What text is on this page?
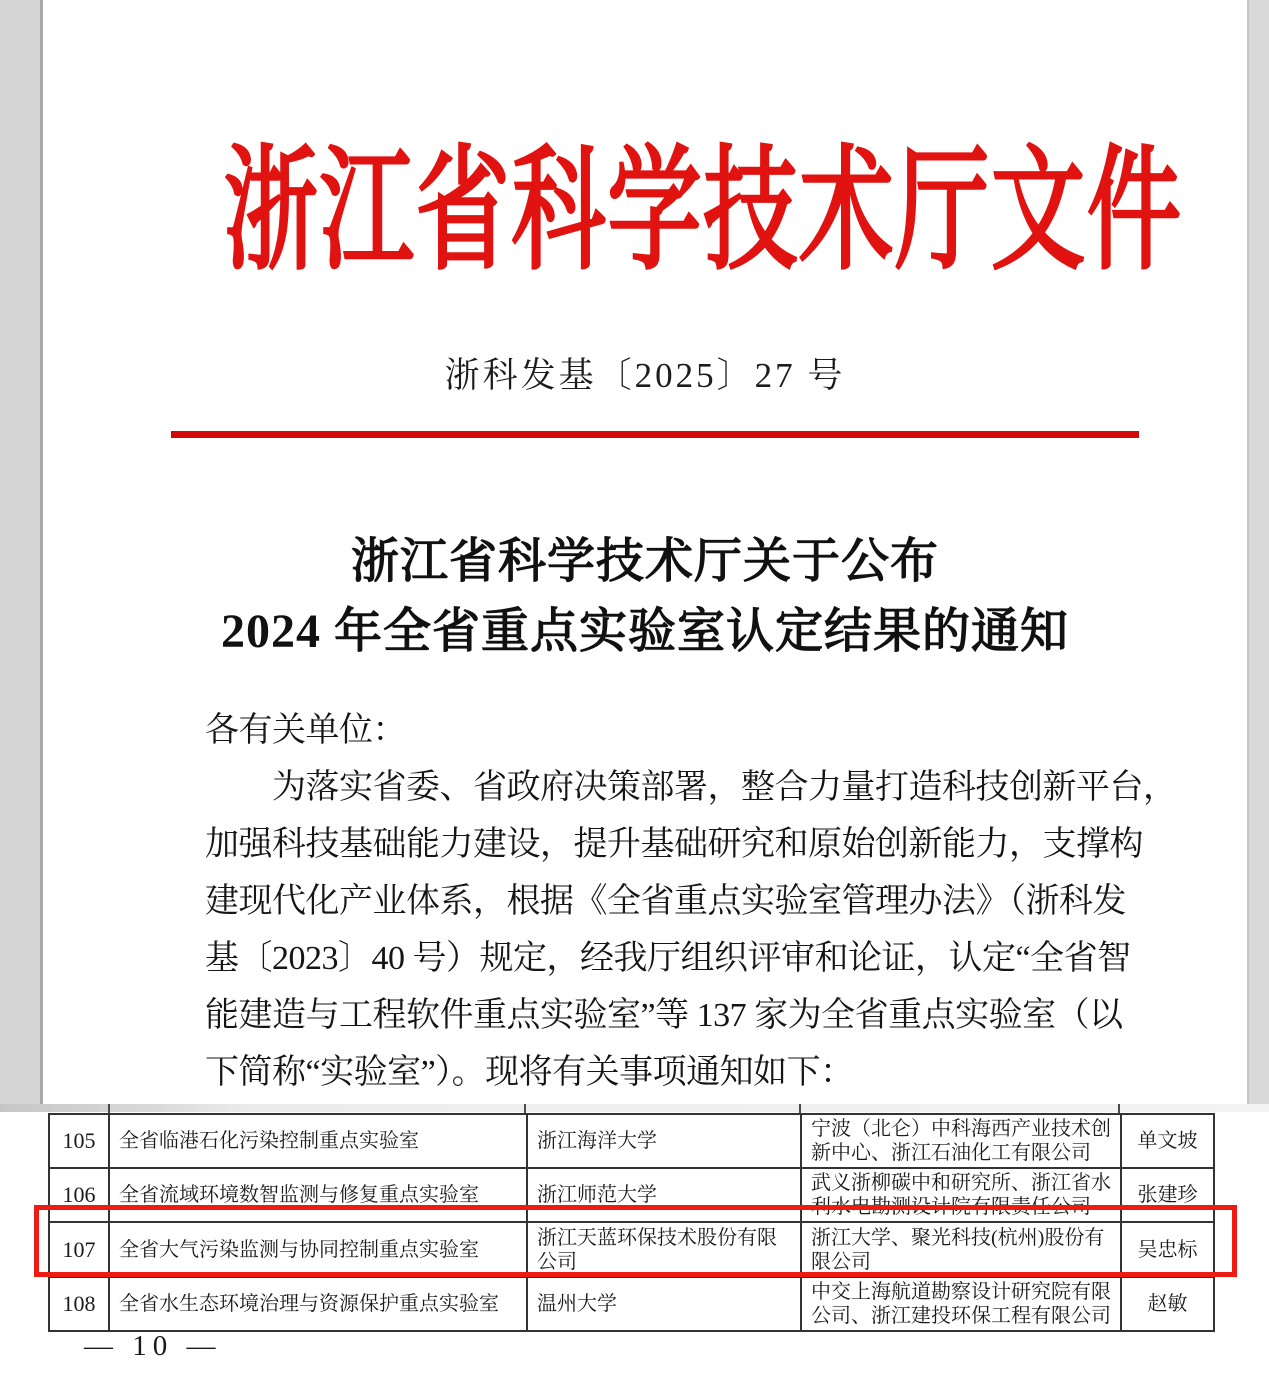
浙江省科学技术厅文件
浙科发基〔2025〕27 号
浙江省科学技术厅关于公布
2024 年全省重点实验室认定结果的通知
各有关单位：
　　为落实省委、省政府决策部署，整合力量打造科技创新平台，
加强科技基础能力建设，提升基础研究和原始创新能力，支撑构
建现代化产业体系，根据《全省重点实验室管理办法》（浙科发
基〔2023〕40 号）规定，经我厅组织评审和论证，认定“全省智
能建造与工程软件重点实验室”等 137 家为全省重点实验室（以
下简称“实验室”）。现将有关事项通知如下：
105	全省临港石化污染控制重点实验室	浙江海洋大学	宁波（北仑）中科海西产业技术创新中心、浙江石油化工有限公司	单文坡
106	全省流域环境数智监测与修复重点实验室	浙江师范大学	武义浙柳碳中和研究所、浙江省水利水电勘测设计院有限责任公司	张建珍
107	全省大气污染监测与协同控制重点实验室	浙江天蓝环保技术股份有限公司	浙江大学、聚光科技(杭州)股份有限公司	吴忠标
108	全省水生态环境治理与资源保护重点实验室	温州大学	中交上海航道勘察设计研究院有限公司、浙江建投环保工程有限公司	赵敏
— 10 —
